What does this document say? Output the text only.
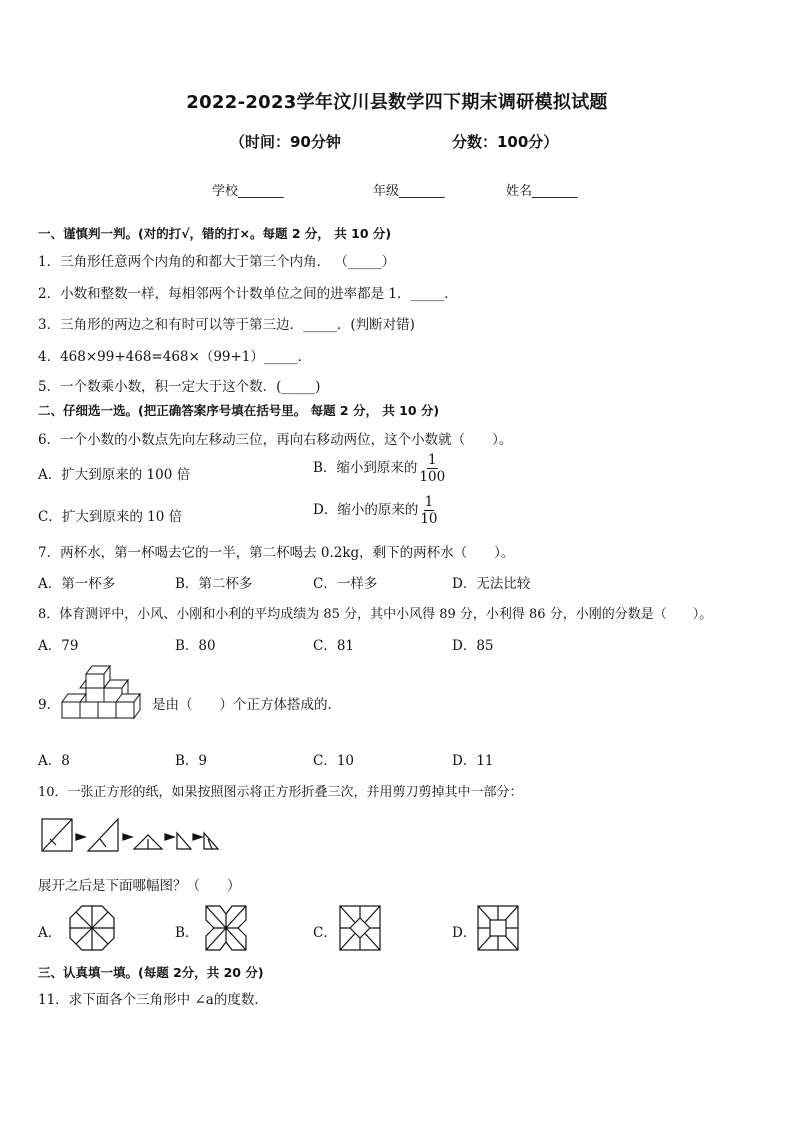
2022-2023学年汶川县数学四下期末调研模拟试题
（时间：90分钟	分数：100分）
学校_______	年级_______	姓名_______
一、谨慎判一判。(对的打√，错的打×。每题 2 分， 共 10 分)
1．三角形任意两个内角的和都大于第三个内角． （_____）
2．小数和整数一样，每相邻两个计数单位之间的进率都是 1．_____．
3．三角形的两边之和有时可以等于第三边．_____．(判断对错)
4．468×99+468=468×（99+1）_____．
5．一个数乘小数，积一定大于这个数．(_____)
二、仔细选一选。(把正确答案序号填在括号里。 每题 2 分， 共 10 分)
6．一个小数的小数点先向左移动三位，再向右移动两位，这个小数就（　　）。
A．扩大到原来的 100 倍	B．缩小到原来的 $\frac{1}{100}$
C．扩大到原来的 10 倍	D．缩小的原来的 $\frac{1}{10}$
7．两杯水，第一杯喝去它的一半，第二杯喝去 0.2kg，剩下的两杯水（　　）。
A．第一杯多	B．第二杯多	C．一样多	D．无法比较
8．体育测评中，小风、小刚和小利的平均成绩为 85 分，其中小风得 89 分，小利得 86 分，小刚的分数是（　　）。
A．79	B．80	C．81	D．85
9．	是由（　　）个正方体搭成的．
A．8	B．9	C．10	D．11
10．一张正方形的纸，如果按照图示将正方形折叠三次，并用剪刀剪掉其中一部分：
展开之后是下面哪幅图？（　　）
A．	B．	C．	D．
三、认真填一填。(每题 2分，共 20 分)
11．求下面各个三角形中 ∠a的度数．
